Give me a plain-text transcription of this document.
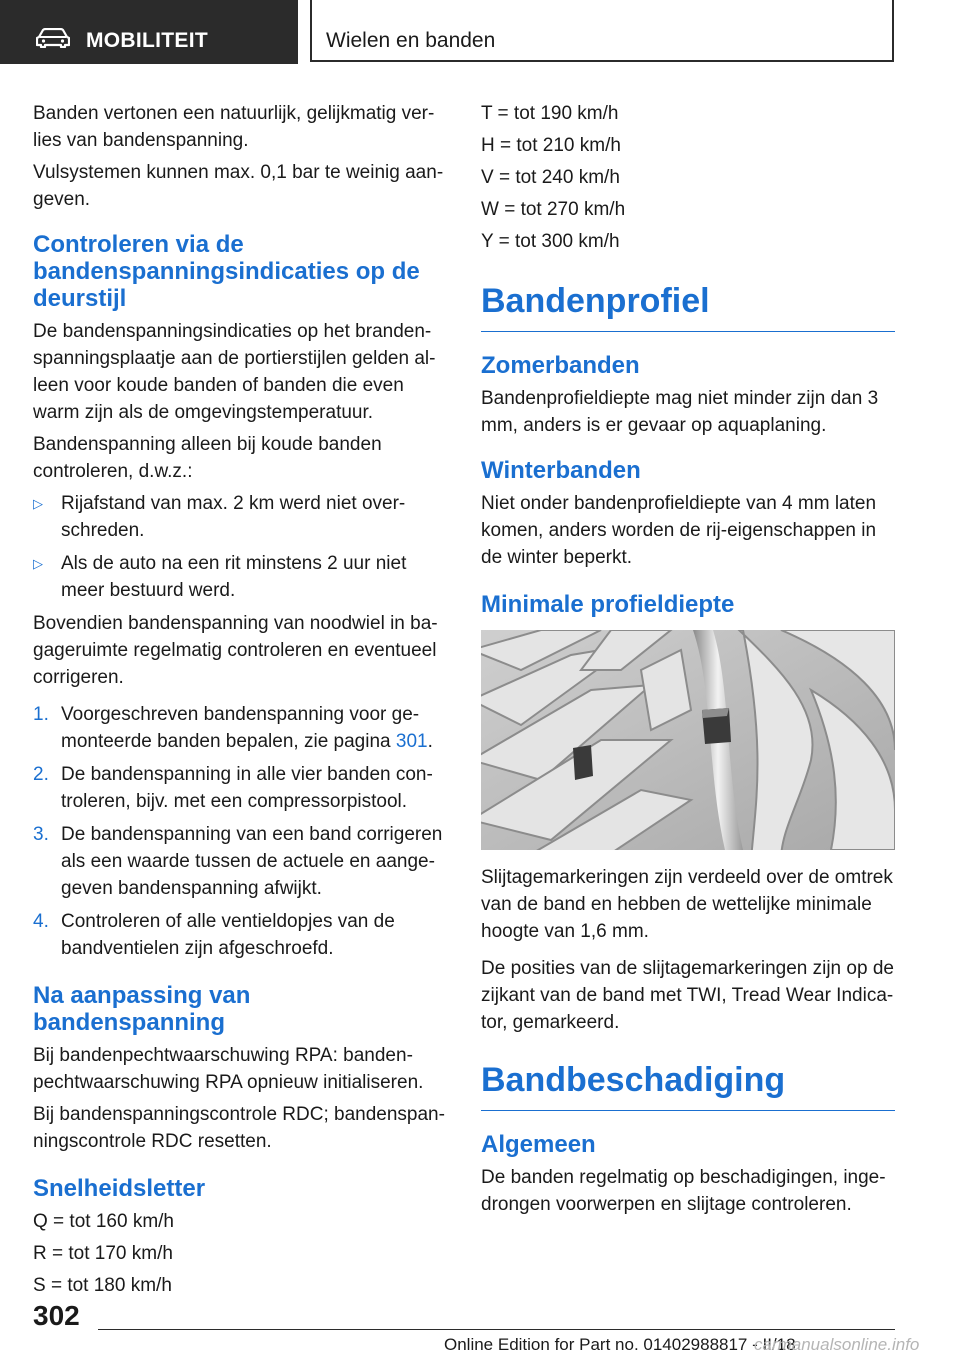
MOBILITEIT	Wielen en banden

Banden vertonen een natuurlijk, gelijkmatig verlies van bandenspanning.

Vulsystemen kunnen max. 0,1 bar te weinig aangeven.

Controleren via de bandenspanningsindicaties op de deurstijl

De bandenspanningsindicaties op het brandenspanningsplaatje aan de portierstijlen gelden alleen voor koude banden of banden die even warm zijn als de omgevingstemperatuur.

Bandenspanning alleen bij koude banden controleren, d.w.z.:

▷ Rijafstand van max. 2 km werd niet overschreden.
▷ Als de auto na een rit minstens 2 uur niet meer bestuurd werd.

Bovendien bandenspanning van noodwiel in bagageruimte regelmatig controleren en eventueel corrigeren.

1. Voorgeschreven bandenspanning voor gemonteerde banden bepalen, zie pagina 301.
2. De bandenspanning in alle vier banden controleren, bijv. met een compressorpistool.
3. De bandenspanning van een band corrigeren als een waarde tussen de actuele en aangegeven bandenspanning afwijkt.
4. Controleren of alle ventieldopjes van de bandventielen zijn afgeschroefd.
Na aanpassing van bandenspanning

Bij bandenpechtwaarschuwing RPA: bandenpechtwaarschuwing RPA opnieuw initialiseren.

Bij bandenspanningscontrole RDC; bandenspanningscontrole RDC resetten.

Snelheidsletter

Q = tot 160 km/h

R = tot 170 km/h

S = tot 180 km/h

T = tot 190 km/h

H = tot 210 km/h

V = tot 240 km/h

W = tot 270 km/h

Y = tot 300 km/h

Bandenprofiel
Zomerbanden

Bandenprofieldiepte mag niet minder zijn dan 3 mm, anders is er gevaar op aquaplaning.

Winterbanden

Niet onder bandenprofieldiepte van 4 mm laten komen, anders worden de rij-eigenschappen in de winter beperkt.

Minimale profieldiepte

Slijtagemarkeringen zijn verdeeld over de omtrek van de band en hebben de wettelijke minimale hoogte van 1,6 mm.

De posities van de slijtagemarkeringen zijn op de zijkant van de band met TWI, Tread Wear Indicator, gemarkeerd.

Bandbeschadiging
Algemeen

De banden regelmatig op beschadigingen, ingedrongen voorwerpen en slijtage controleren.

302
Online Edition for Part no. 01402988817 - II/18
carmanualsonline.info
